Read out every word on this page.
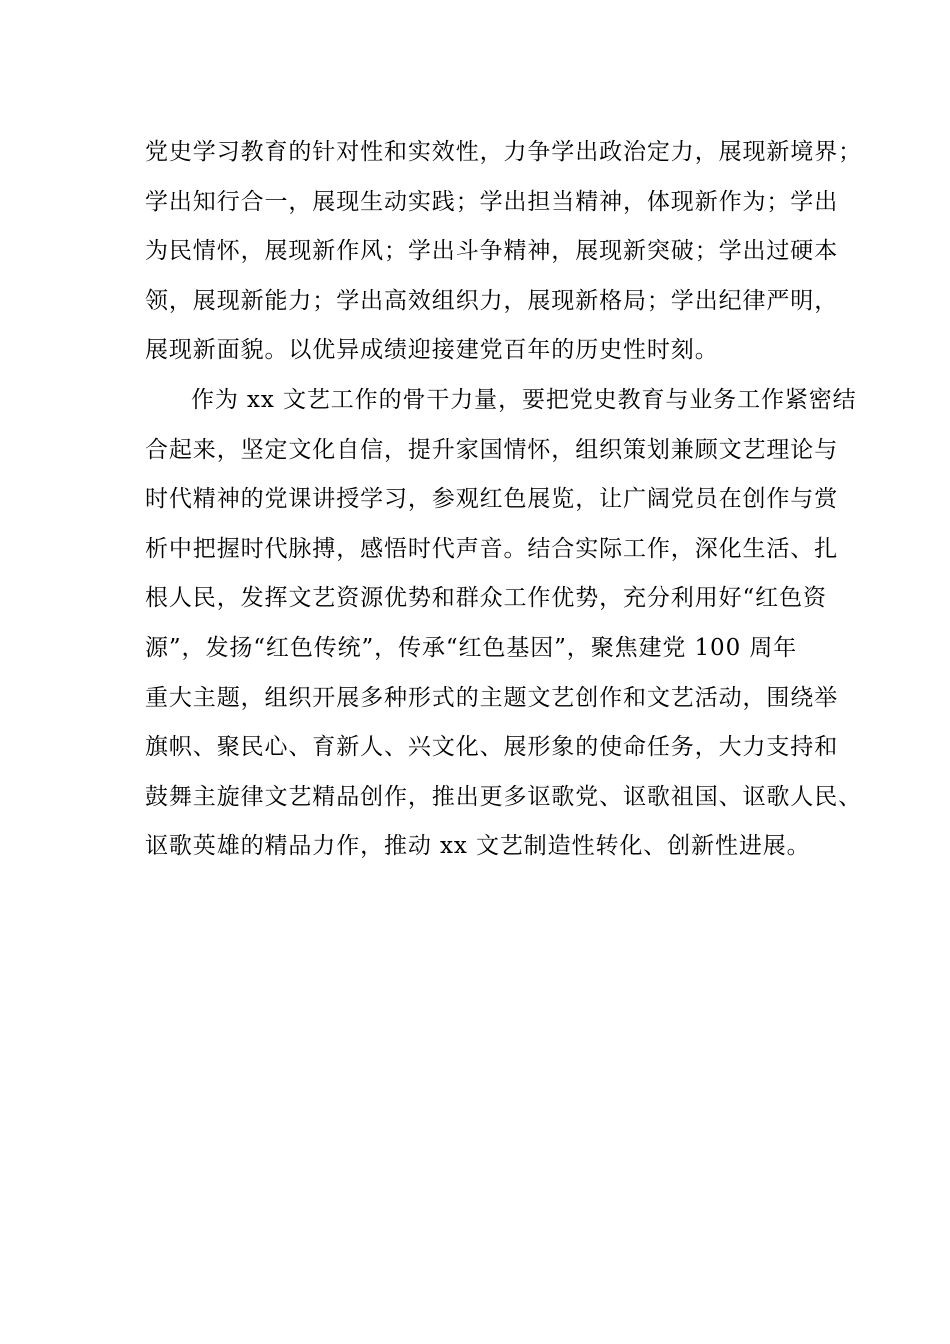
党史学习教育的针对性和实效性，力争学出政治定力，展现新境界；
学出知行合一，展现生动实践；学出担当精神，体现新作为；学出
为民情怀，展现新作风；学出斗争精神，展现新突破；学出过硬本
领，展现新能力；学出高效组织力，展现新格局；学出纪律严明，
展现新面貌。以优异成绩迎接建党百年的历史性时刻。
作为 xx 文艺工作的骨干力量，要把党史教育与业务工作紧密结
合起来，坚定文化自信，提升家国情怀，组织策划兼顾文艺理论与
时代精神的党课讲授学习，参观红色展览，让广阔党员在创作与赏
析中把握时代脉搏，感悟时代声音。结合实际工作，深化生活、扎
根人民，发挥文艺资源优势和群众工作优势，充分利用好“红色资
源”，发扬“红色传统”，传承“红色基因”，聚焦建党 100 周年
重大主题，组织开展多种形式的主题文艺创作和文艺活动，围绕举
旗帜、聚民心、育新人、兴文化、展形象的使命任务，大力支持和
鼓舞主旋律文艺精品创作，推出更多讴歌党、讴歌祖国、讴歌人民、
讴歌英雄的精品力作，推动 xx 文艺制造性转化、创新性进展。
